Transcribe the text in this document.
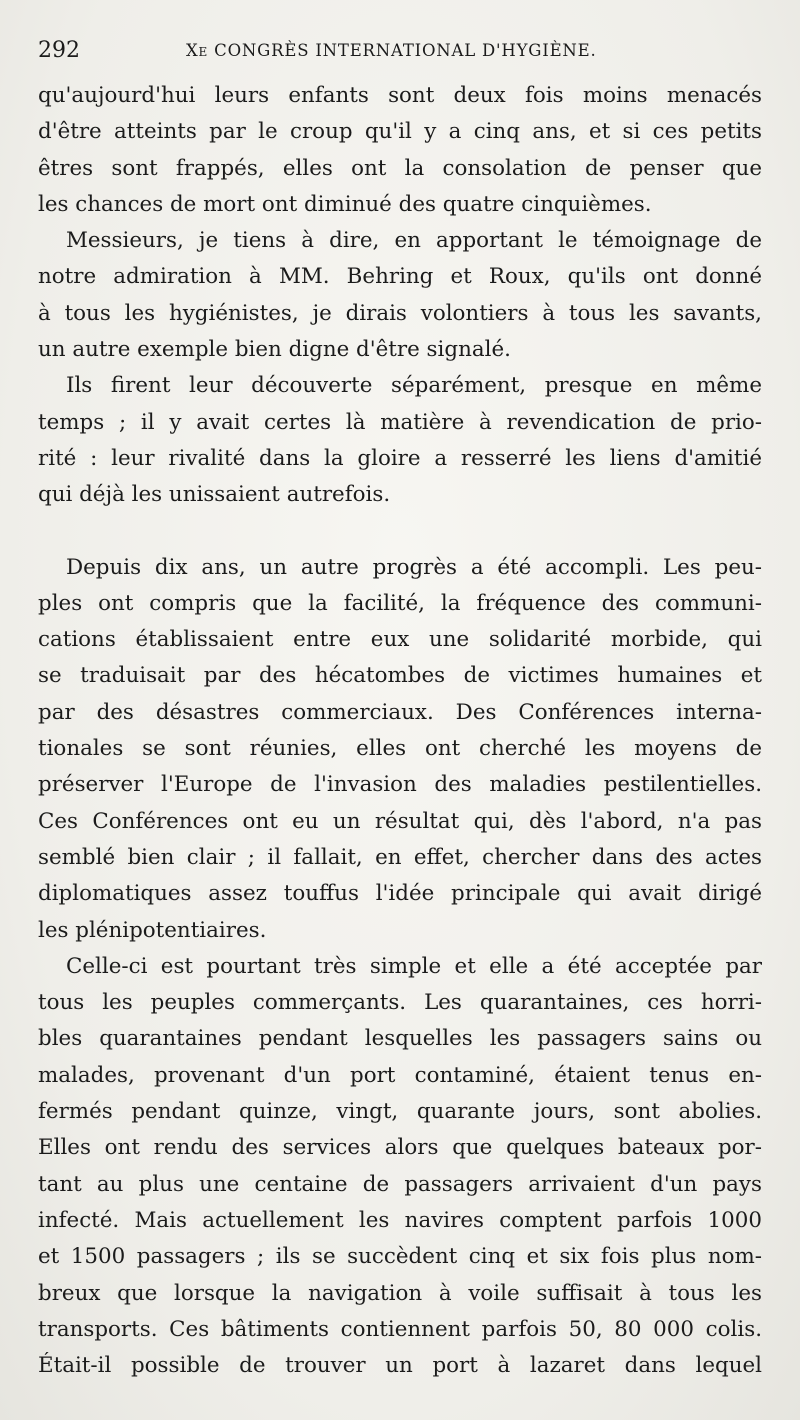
292	Xe CONGRÈS INTERNATIONAL D'HYGIÈNE.
qu'aujourd'hui leurs enfants sont deux fois moins menacés
d'être atteints par le croup qu'il y a cinq ans, et si ces petits
êtres sont frappés, elles ont la consolation de penser que
les chances de mort ont diminué des quatre cinquièmes.
Messieurs, je tiens à dire, en apportant le témoignage de
notre admiration à MM. Behring et Roux, qu'ils ont donné
à tous les hygiénistes, je dirais volontiers à tous les savants,
un autre exemple bien digne d'être signalé.
Ils firent leur découverte séparément, presque en même
temps ; il y avait certes là matière à revendication de prio-
rité : leur rivalité dans la gloire a resserré les liens d'amitié
qui déjà les unissaient autrefois.
Depuis dix ans, un autre progrès a été accompli. Les peu-
ples ont compris que la facilité, la fréquence des communi-
cations établissaient entre eux une solidarité morbide, qui
se traduisait par des hécatombes de victimes humaines et
par des désastres commerciaux. Des Conférences interna-
tionales se sont réunies, elles ont cherché les moyens de
préserver l'Europe de l'invasion des maladies pestilentielles.
Ces Conférences ont eu un résultat qui, dès l'abord, n'a pas
semblé bien clair ; il fallait, en effet, chercher dans des actes
diplomatiques assez touffus l'idée principale qui avait dirigé
les plénipotentiaires.
Celle-ci est pourtant très simple et elle a été acceptée par
tous les peuples commerçants. Les quarantaines, ces horri-
bles quarantaines pendant lesquelles les passagers sains ou
malades, provenant d'un port contaminé, étaient tenus en-
fermés pendant quinze, vingt, quarante jours, sont abolies.
Elles ont rendu des services alors que quelques bateaux por-
tant au plus une centaine de passagers arrivaient d'un pays
infecté. Mais actuellement les navires comptent parfois 1000
et 1500 passagers ; ils se succèdent cinq et six fois plus nom-
breux que lorsque la navigation à voile suffisait à tous les
transports. Ces bâtiments contiennent parfois 50, 80 000 colis.
Était-il possible de trouver un port à lazaret dans lequel
